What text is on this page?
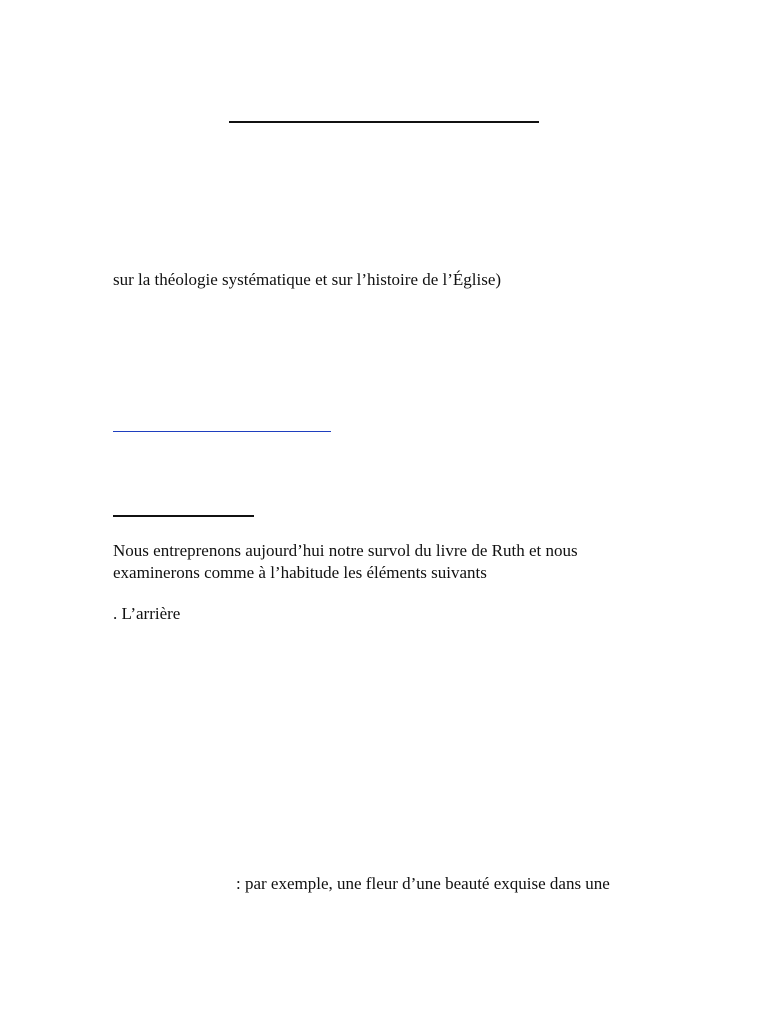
sur la théologie systématique et sur l’histoire de l’Église)

Nous entreprenons aujourd’hui notre survol du livre de Ruth et nous

examinerons comme à l’habitude les éléments suivants

. L’arrière

: par exemple, une fleur d’une beauté exquise dans une
